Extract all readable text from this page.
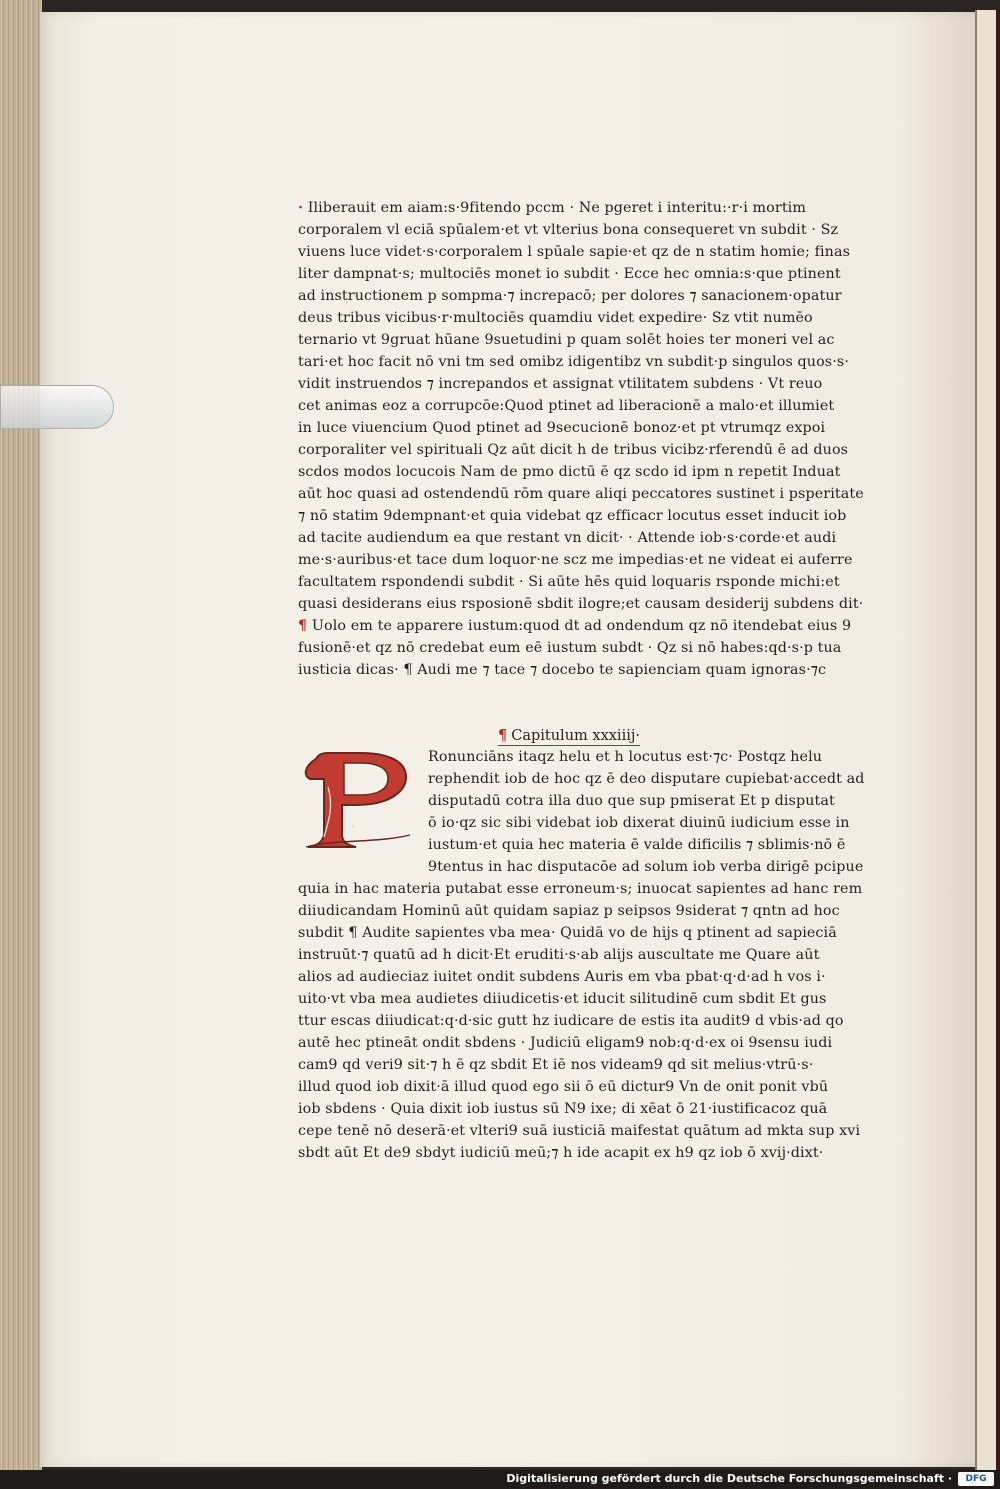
· Iliberauit em aiam:s·9fitendo pccm · Ne pgeret i interitu:·r·i mortim
corporalem vl eciā spūalem·et vt vlterius bona consequeret vn subdit · Sz
viuens luce videt·s·corporalem l spūale sapie·et qz de n statim homie; finas
liter dampnat·s; multociēs monet io subdit · Ecce hec omnia:s·que ptinent
ad instructionem p sompma·⁊ increpacō; per dolores ⁊ sanacionem·opatur
deus tribus vicibus·r·multociēs quamdiu videt expedire· Sz vtit numēo
ternario vt 9gruat hūane 9suetudini p quam solēt hoies ter moneri vel ac
tari·et hoc facit nō vni tm sed omibz idigentibz vn subdit·p singulos quos·s·
vidit instruendos ⁊ increpandos et assignat vtilitatem subdens · Vt reuo
cet animas eoz a corrupcōe:Quod ptinet ad liberacionē a malo·et illumiet
in luce viuencium Quod ptinet ad 9secucionē bonoz·et pt vtrumqz expoi
corporaliter vel spirituali Qz aūt dicit h de tribus vicibz·rferendū ē ad duos
scdos modos locucois Nam de pmo dictū ē qz scdo id ipm n repetit Induat
aūt hoc quasi ad ostendendū rōm quare aliqi peccatores sustinet i psperitate
⁊ nō statim 9dempnant·et quia videbat qz efficacr locutus esset inducit iob
ad tacite audiendum ea que restant vn dicit· · Attende iob·s·corde·et audi
me·s·auribus·et tace dum loquor·ne scz me impedias·et ne videat ei auferre
facultatem rspondendi subdit · Si aūte hēs quid loquaris rsponde michi:et
quasi desiderans eius rsposionē sbdit ilogre;et causam desiderij subdens dit·
¶ Uolo em te apparere iustum:quod dt ad ondendum qz nō itendebat eius 9
fusionē·et qz nō credebat eum eē iustum subdt · Qz si nō habes:qd·s·p tua
iusticia dicas· ¶ Audi me ⁊ tace ⁊ docebo te sapienciam quam ignoras·⁊c
¶ Capitulum xxxiiij·
P
Ronunciāns itaqz helu et h locutus est·⁊c· Postqz helu
rephendit iob de hoc qz ē deo disputare cupiebat·accedt ad
disputadū cotra illa duo que sup pmiserat Et p disputat
ō io·qz sic sibi videbat iob dixerat diuinū iudicium esse in
iustum·et quia hec materia ē valde dificilis ⁊ sblimis·nō ē
9tentus in hac disputacōe ad solum iob verba dirigē pcipue
quia in hac materia putabat esse erroneum·s; inuocat sapientes ad hanc rem
diiudicandam Hominū aūt quidam sapiaz p seipsos 9siderat ⁊ qntn ad hoc
subdit ¶ Audite sapientes vba mea· Quidā vo de hijs q ptinent ad sapieciā
instruūt·⁊ quatū ad h dicit·Et eruditi·s·ab alijs auscultate me Quare aūt
alios ad audieciaz iuitet ondit subdens Auris em vba pbat·q·d·ad h vos i·
uito·vt vba mea audietes diiudicetis·et iducit silitudinē cum sbdit Et gus
ttur escas diiudicat:q·d·sic gutt hz iudicare de estis ita audit9 d vbis·ad qo
autē hec ptineāt ondit sbdens · Judiciū eligam9 nob:q·d·ex oi 9sensu iudi
cam9 qd veri9 sit·⁊ h ē qz sbdit Et iē nos videam9 qd sit melius·vtrū·s·
illud quod iob dixit·ā illud quod ego sii ō eū dictur9 Vn de onit ponit vbū
iob sbdens · Quia dixit iob iustus sū N9 ixe; di xēat ō 21·iustificacoz quā
cepe tenē nō deserā·et vlteri9 suā iusticiā maifestat quātum ad mkta sup xvi
sbdt aūt Et de9 sbdyt iudiciū meū;⁊ h ide acapit ex h9 qz iob ō xvij·dixt·
Digitalisierung gefördert durch die Deutsche Forschungsgemeinschaft ·	DFG
